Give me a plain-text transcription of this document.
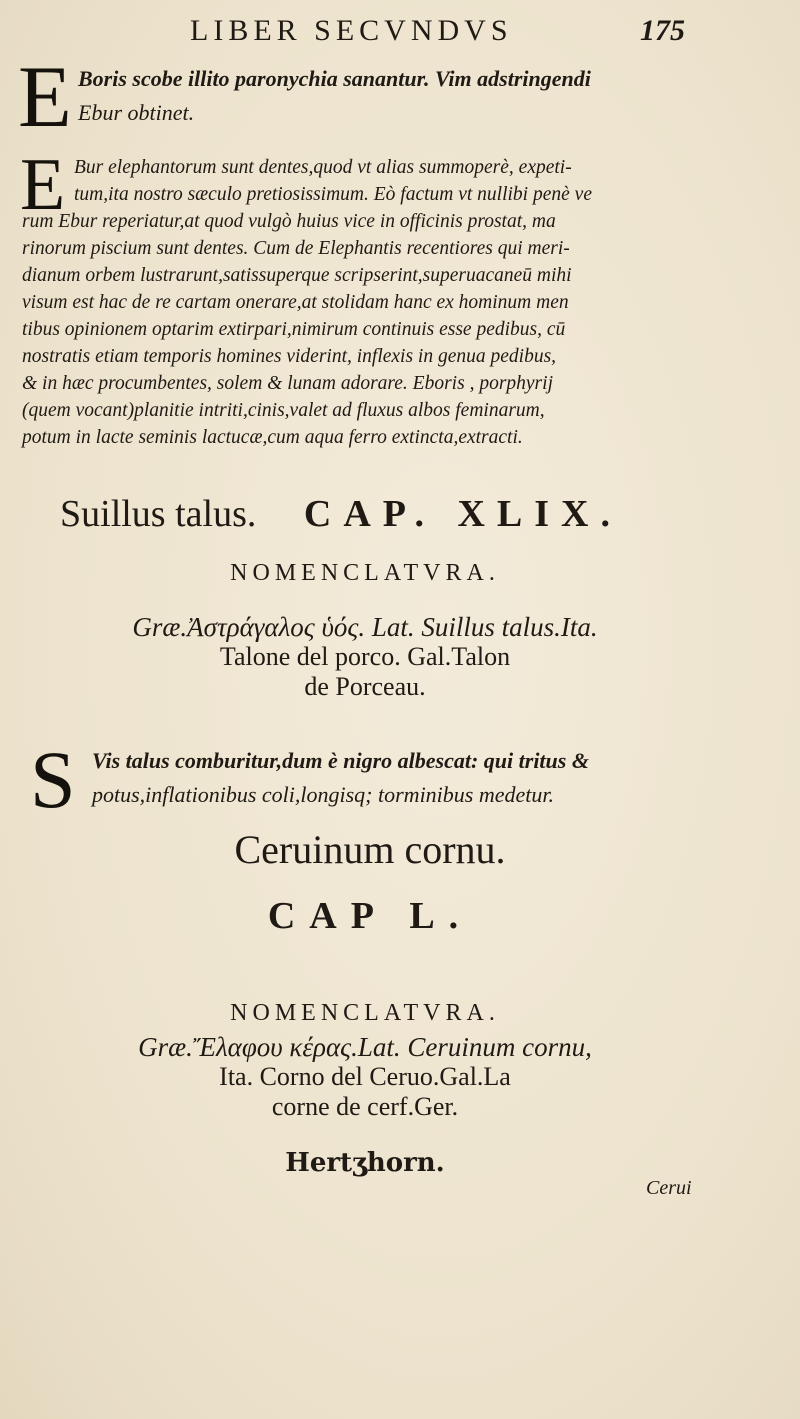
LIBER SECVNDVS	175
E Boris scobe illito paronychia sanantur. Vim adstringendi
Ebur obtinet.
E Bur elephantorum sunt dentes,quod vt alias summoperè, expeti-
tum,ita nostro sæculo pretiosissimum. Eò factum vt nullibi penè ve
rum Ebur reperiatur,at quod vulgò huius vice in officinis prostat, ma
rinorum piscium sunt dentes. Cum de Elephantis recentiores qui meri-
dianum orbem lustrarunt,satissuperque scripserint,superuacaneū mihi
visum est hac de re cartam onerare,at stolidam hanc ex hominum men
tibus opinionem optarim extirpari,nimirum continuis esse pedibus, cū
nostratis etiam temporis homines viderint, inflexis in genua pedibus,
& in hæc procumbentes, solem & lunam adorare. Eboris , porphyrij
(quem vocant)planitie intriti,cinis,valet ad fluxus albos feminarum,
potum in lacte seminis lactucæ,cum aqua ferro extincta,extracti.
Suillus talus. CAP. XLIX.
NOMENCLATVRA.
Græ.Ἀστράγαλος ὑός. Lat. Suillus talus.Ita.
Talone del porco. Gal.Talon
de Porceau.
S Vis talus comburitur,dum è nigro albescat: qui tritus &
potus,inflationibus coli,longisq; torminibus medetur.
Ceruinum cornu.
CAP L.
NOMENCLATVRA.
Græ.Ἔλαφου κέρας.Lat. Ceruinum cornu,
Ita. Corno del Ceruo.Gal.La
corne de cerf.Ger.
Hertʒhorn.
Cerui
